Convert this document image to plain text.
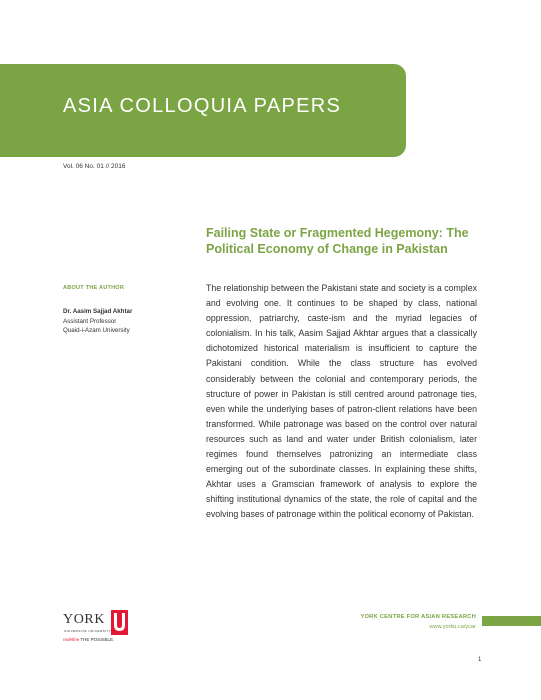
ASIA COLLOQUIA PAPERS
Vol. 06 No. 01 // 2016
Failing State or Fragmented Hegemony: The Political Economy of Change in Pakistan
ABOUT THE AUTHOR
Dr. Aasim Sajjad Akhtar
Assistant Professor
Quaid-i-Azam University

The relationship between the Pakistani state and society is a complex and evolving one. It continues to be shaped by class, national oppression, patriarchy, caste-ism and the myriad legacies of colonialism. In his talk, Aasim Sajjad Akhtar argues that a classically dichotomized historical materialism is insufficient to capture the Pakistani condition. While the class structure has evolved considerably between the colonial and contemporary periods, the structure of power in Pakistan is still centred around patronage ties, even while the underlying bases of patron-client relations have been transformed. While patronage was based on the control over natural resources such as land and water under British colonialism, later regimes found themselves patronizing an intermediate class emerging out of the subordinate classes. In explaining these shifts, Akhtar uses a Gramscian framework of analysis to explore the shifting institutional dynamics of the state, the role of capital and the evolving bases of patronage within the political economy of Pakistan.

YORK
UNIVERSITÉ UNIVERSITY
redefine THE POSSIBLE.
YORK CENTRE FOR ASIAN RESEARCH
www.yorku.ca/ycar
1
